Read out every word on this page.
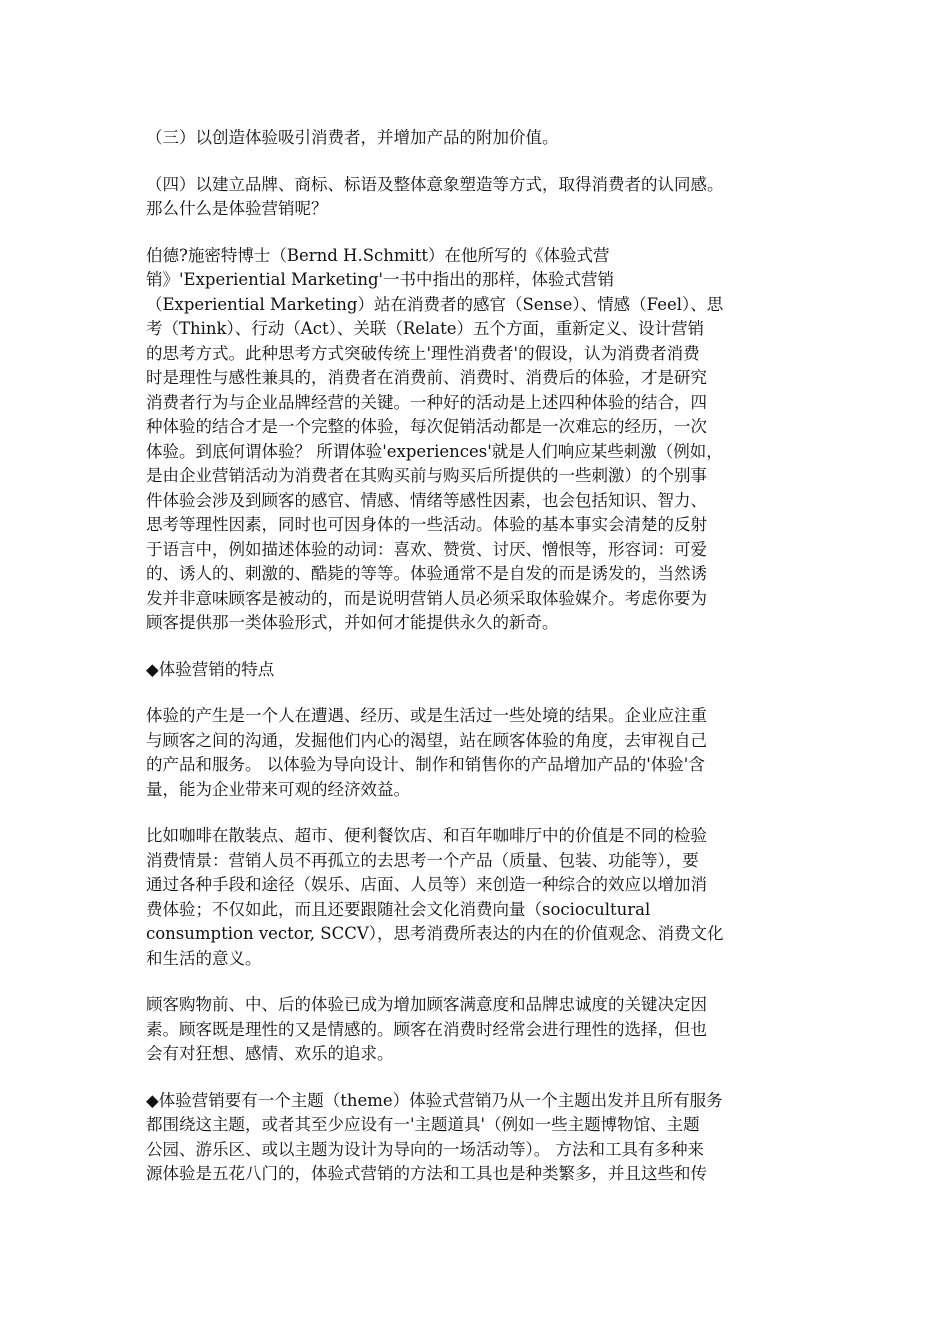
（三）以创造体验吸引消费者，并增加产品的附加价值。

（四）以建立品牌、商标、标语及整体意象塑造等方式，取得消费者的认同感。
那么什么是体验营销呢？

伯德?施密特博士（Bernd H.Schmitt）在他所写的《体验式营
销》'Experiential Marketing'一书中指出的那样，体验式营销
（Experiential Marketing）站在消费者的感官（Sense）、情感（Feel）、思
考（Think）、行动（Act）、关联（Relate）五个方面，重新定义、设计营销
的思考方式。此种思考方式突破传统上'理性消费者'的假设，认为消费者消费
时是理性与感性兼具的，消费者在消费前、消费时、消费后的体验，才是研究
消费者行为与企业品牌经营的关键。一种好的活动是上述四种体验的结合，四
种体验的结合才是一个完整的体验，每次促销活动都是一次难忘的经历，一次
体验。到底何谓体验？ 所谓体验'experiences'就是人们响应某些刺激（例如，
是由企业营销活动为消费者在其购买前与购买后所提供的一些刺激）的个别事
件体验会涉及到顾客的感官、情感、情绪等感性因素，也会包括知识、智力、
思考等理性因素，同时也可因身体的一些活动。体验的基本事实会清楚的反射
于语言中，例如描述体验的动词：喜欢、赞赏、讨厌、憎恨等，形容词：可爱
的、诱人的、刺激的、酷毙的等等。体验通常不是自发的而是诱发的，当然诱
发并非意味顾客是被动的，而是说明营销人员必须采取体验媒介。考虑你要为
顾客提供那一类体验形式，并如何才能提供永久的新奇。

◆体验营销的特点

体验的产生是一个人在遭遇、经历、或是生活过一些处境的结果。企业应注重
与顾客之间的沟通，发掘他们内心的渴望，站在顾客体验的角度，去审视自己
的产品和服务。 以体验为导向设计、制作和销售你的产品增加产品的'体验'含
量，能为企业带来可观的经济效益。

比如咖啡在散装点、超市、便利餐饮店、和百年咖啡厅中的价值是不同的检验
消费情景：营销人员不再孤立的去思考一个产品（质量、包装、功能等），要
通过各种手段和途径（娱乐、店面、人员等）来创造一种综合的效应以增加消
费体验；不仅如此，而且还要跟随社会文化消费向量（sociocultural
consumption vector, SCCV），思考消费所表达的内在的价值观念、消费文化
和生活的意义。

顾客购物前、中、后的体验已成为增加顾客满意度和品牌忠诚度的关键决定因
素。顾客既是理性的又是情感的。顾客在消费时经常会进行理性的选择，但也
会有对狂想、感情、欢乐的追求。

◆体验营销要有一个主题（theme）体验式营销乃从一个主题出发并且所有服务
都围绕这主题，或者其至少应设有一'主题道具'（例如一些主题博物馆、主题
公园、游乐区、或以主题为设计为导向的一场活动等）。 方法和工具有多种来
源体验是五花八门的，体验式营销的方法和工具也是种类繁多，并且这些和传
